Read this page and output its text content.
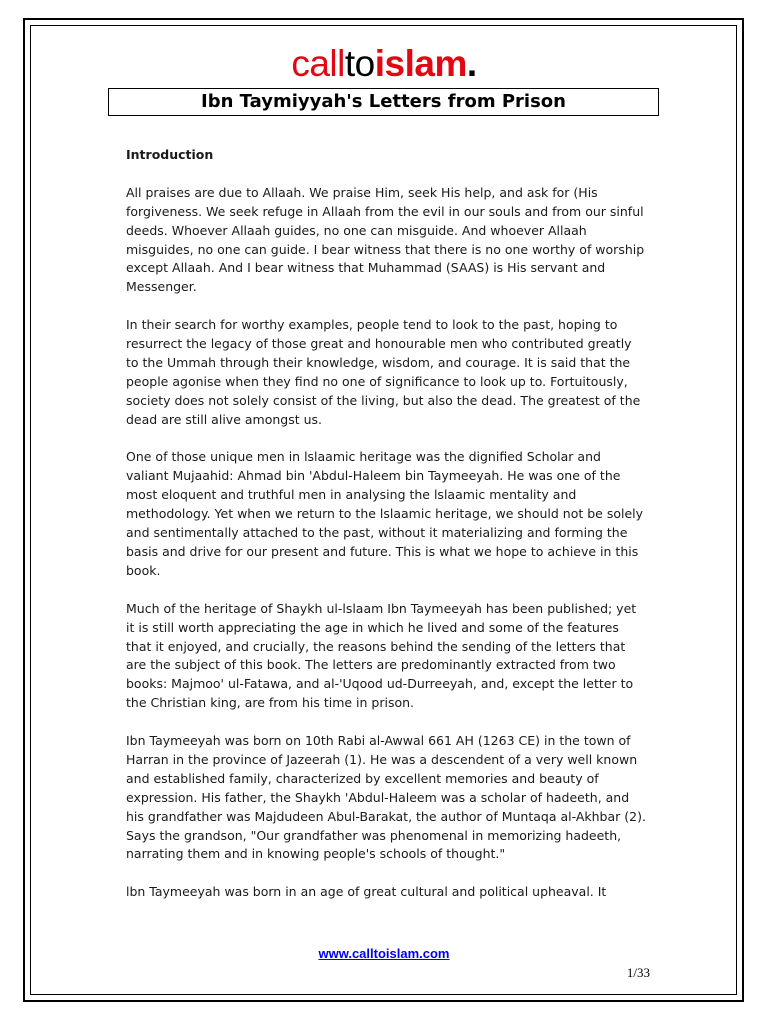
calltoislam.
Ibn Taymiyyah's Letters from Prison
Introduction

All praises are due to Allaah. We praise Him, seek His help, and ask for (His forgiveness. We seek refuge in Allaah from the evil in our souls and from our sinful deeds. Whoever Allaah guides, no one can misguide. And whoever Allaah misguides, no one can guide. I bear witness that there is no one worthy of worship except Allaah. And I bear witness that Muhammad (SAAS) is His servant and Messenger.

In their search for worthy examples, people tend to look to the past, hoping to resurrect the legacy of those great and honourable men who contributed greatly to the Ummah through their knowledge, wisdom, and courage. It is said that the people agonise when they find no one of significance to look up to. Fortuitously, society does not solely consist of the living, but also the dead. The greatest of the dead are still alive amongst us.

One of those unique men in lslaamic heritage was the dignified Scholar and valiant Mujaahid: Ahmad bin 'Abdul-Haleem bin Taymeeyah. He was one of the most eloquent and truthful men in analysing the lslaamic mentality and methodology. Yet when we return to the lslaamic heritage, we should not be solely and sentimentally attached to the past, without it materializing and forming the basis and drive for our present and future. This is what we hope to achieve in this book.

Much of the heritage of Shaykh ul-lslaam Ibn Taymeeyah has been published; yet it is still worth appreciating the age in which he lived and some of the features that it enjoyed, and crucially, the reasons behind the sending of the letters that are the subject of this book. The letters are predominantly extracted from two books: Majmoo' ul-Fatawa, and al-'Uqood ud-Durreeyah, and, except the letter to the Christian king, are from his time in prison.

Ibn Taymeeyah was born on 10th Rabi al-Awwal 661 AH (1263 CE) in the town of Harran in the province of Jazeerah (1). He was a descendent of a very well known and established family, characterized by excellent memories and beauty of expression. His father, the Shaykh 'Abdul-Haleem was a scholar of hadeeth, and his grandfather was Majdudeen Abul-Barakat, the author of Muntaqa al-Akhbar (2). Says the grandson, "Our grandfather was phenomenal in memorizing hadeeth, narrating them and in knowing people's schools of thought."

lbn Taymeeyah was born in an age of great cultural and political upheaval. It

www.calltoislam.com
1/33
